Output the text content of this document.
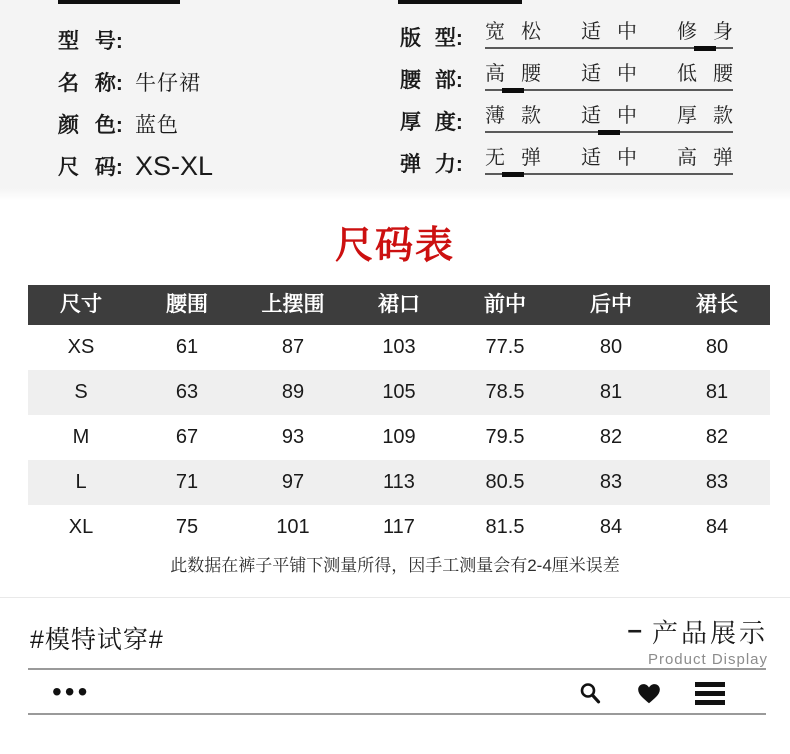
型 号:
名 称: 牛仔裙
颜 色: 蓝色
尺 码: XS-XL
版 型: 宽 松 适 中 修 身
腰 部: 高 腰 适 中 低 腰
厚 度: 薄 款 适 中 厚 款
弹 力: 无 弹 适 中 高 弹
尺码表
尺寸	腰围	上摆围	裙口	前中	后中	裙长
XS	61	87	103	77.5	80	80
S	63	89	105	78.5	81	81
M	67	93	109	79.5	82	82
L	71	97	113	80.5	83	83
XL	75	101	117	81.5	84	84
此数据在裤子平铺下测量所得，因手工测量会有2-4厘米误差
#模特试穿#	– 产品展示
Product Display
•••
